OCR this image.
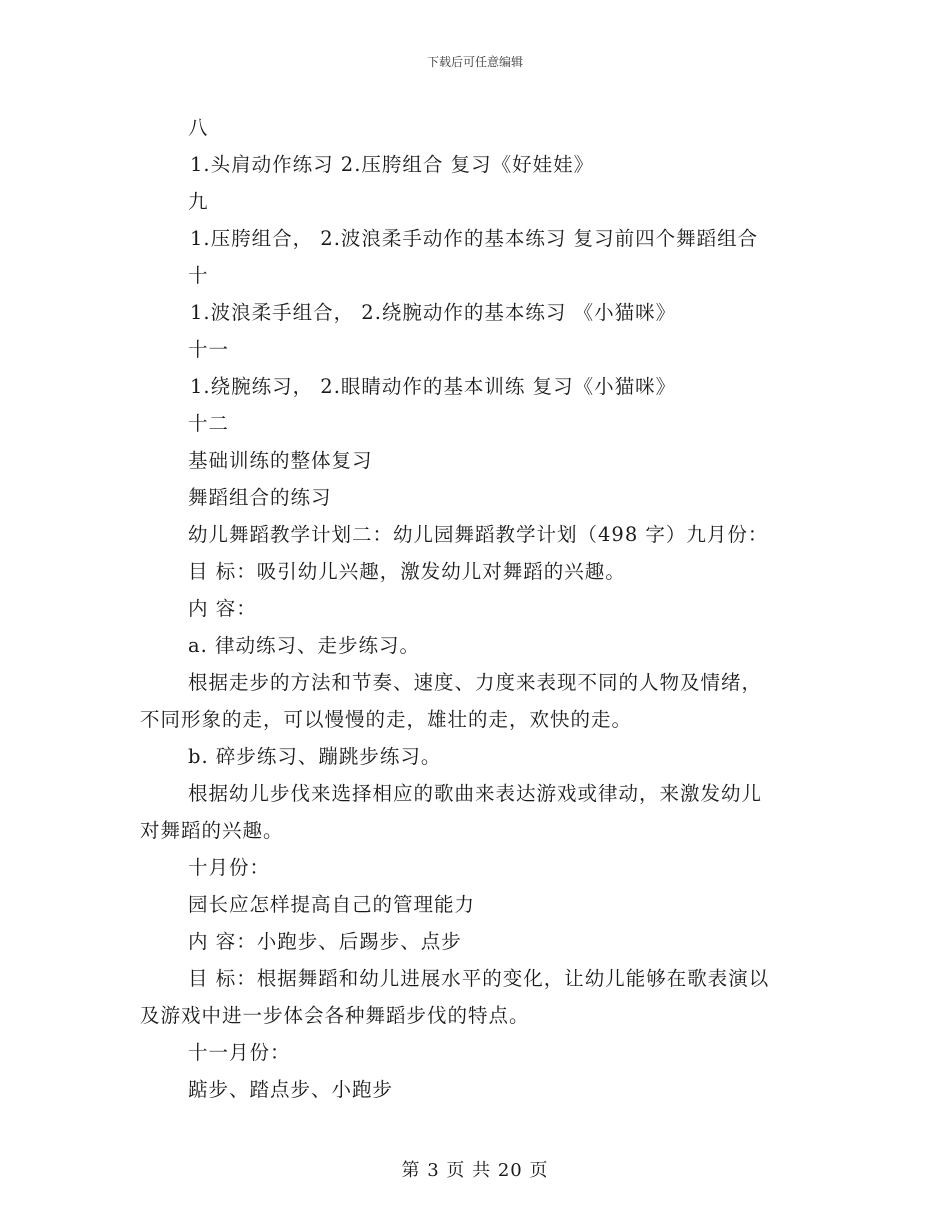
下载后可任意编辑
八
1.头肩动作练习 2.压胯组合 复习《好娃娃》
九
1.压胯组合， 2.波浪柔手动作的基本练习 复习前四个舞蹈组合
十
1.波浪柔手组合， 2.绕腕动作的基本练习 《小猫咪》
十一
1.绕腕练习， 2.眼睛动作的基本训练 复习《小猫咪》
十二
基础训练的整体复习
舞蹈组合的练习
幼儿舞蹈教学计划二：幼儿园舞蹈教学计划（498 字）九月份：
目 标：吸引幼儿兴趣，激发幼儿对舞蹈的兴趣。
内 容：
a. 律动练习、走步练习。
根据走步的方法和节奏、速度、力度来表现不同的人物及情绪，
不同形象的走，可以慢慢的走，雄壮的走，欢快的走。
b. 碎步练习、蹦跳步练习。
根据幼儿步伐来选择相应的歌曲来表达游戏或律动，来激发幼儿
对舞蹈的兴趣。
十月份：
园长应怎样提高自己的管理能力
内 容：小跑步、后踢步、点步
目 标：根据舞蹈和幼儿进展水平的变化，让幼儿能够在歌表演以
及游戏中进一步体会各种舞蹈步伐的特点。
十一月份：
踮步、踏点步、小跑步
第 3 页 共 20 页
